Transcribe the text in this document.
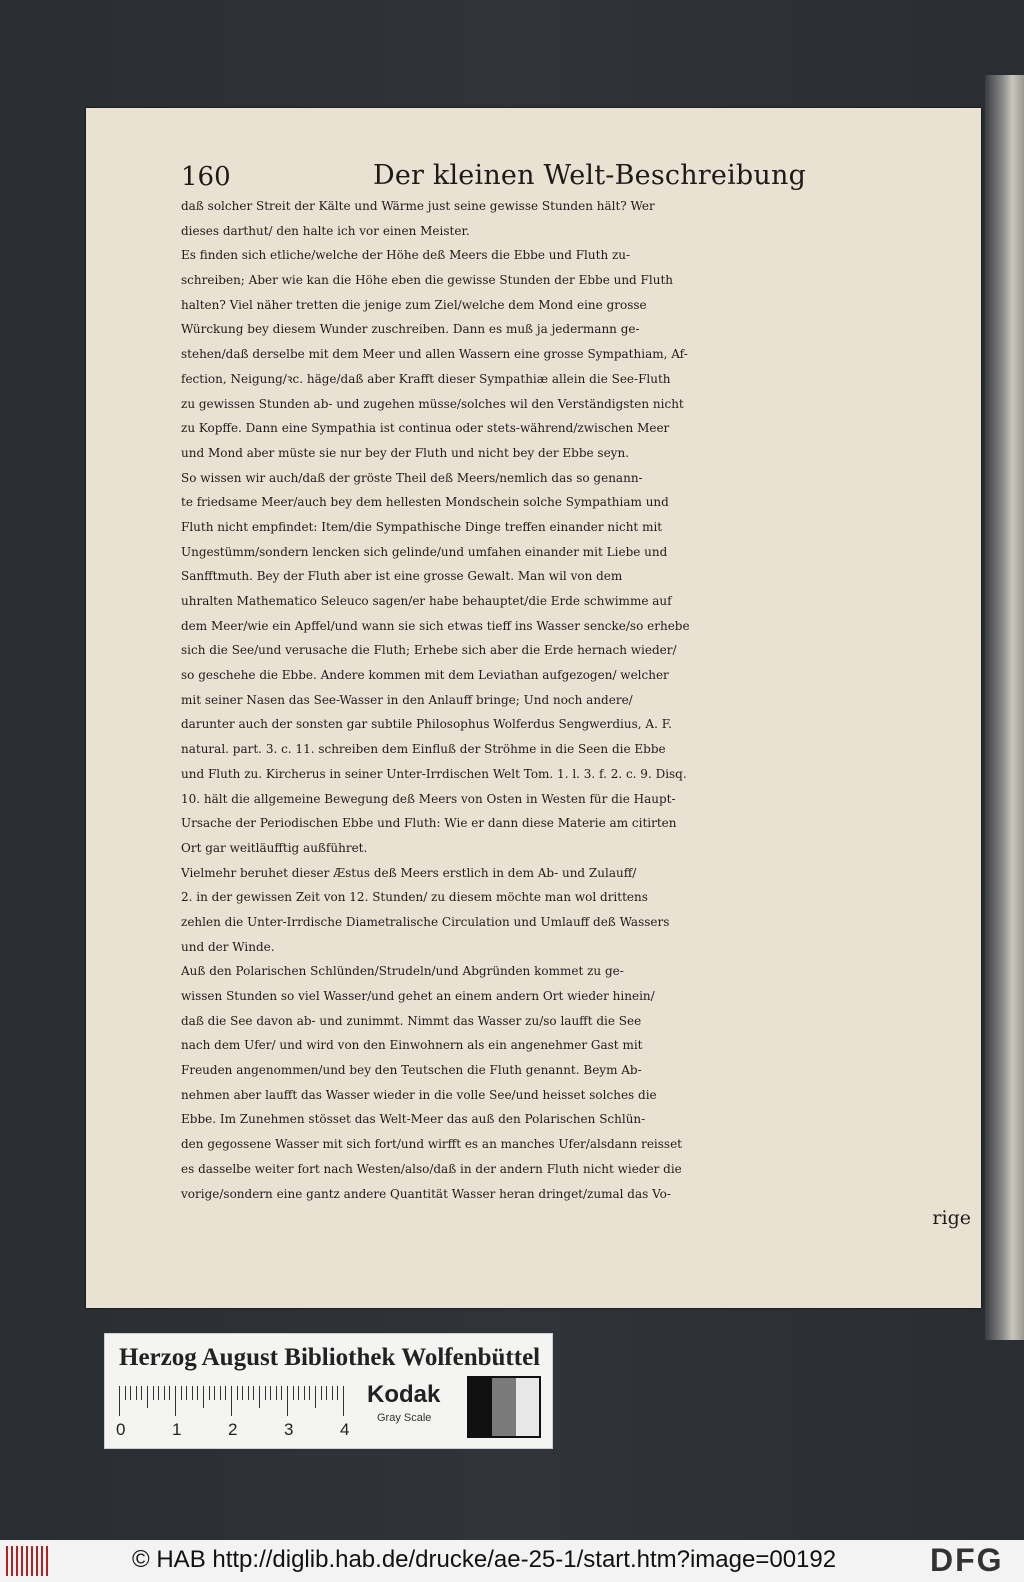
160	Der kleinen Welt-Beschreibung
daß solcher Streit der Kälte und Wärme just seine gewisse Stunden hält? Wer
dieses darthut/ den halte ich vor einen Meister.
Es finden sich etliche/welche der Höhe deß Meers die Ebbe und Fluth zu-
schreiben; Aber wie kan die Höhe eben die gewisse Stunden der Ebbe und Fluth
halten? Viel näher tretten die jenige zum Ziel/welche dem Mond eine grosse
Würckung bey diesem Wunder zuschreiben. Dann es muß ja jedermann ge-
stehen/daß derselbe mit dem Meer und allen Wassern eine grosse Sympathiam, Af-
fection, Neigung/ꝛc. häge/daß aber Krafft dieser Sympathiæ allein die See-Fluth
zu gewissen Stunden ab- und zugehen müsse/solches wil den Verständigsten nicht
zu Kopffe. Dann eine Sympathia ist continua oder stets-während/zwischen Meer
und Mond aber müste sie nur bey der Fluth und nicht bey der Ebbe seyn.
So wissen wir auch/daß der gröste Theil deß Meers/nemlich das so genann-
te friedsame Meer/auch bey dem hellesten Mondschein solche Sympathiam und
Fluth nicht empfindet: Item/die Sympathische Dinge treffen einander nicht mit
Ungestümm/sondern lencken sich gelinde/und umfahen einander mit Liebe und
Sanfftmuth. Bey der Fluth aber ist eine grosse Gewalt. Man wil von dem
uhralten Mathematico Seleuco sagen/er habe behauptet/die Erde schwimme auf
dem Meer/wie ein Apffel/und wann sie sich etwas tieff ins Wasser sencke/so erhebe
sich die See/und verusache die Fluth; Erhebe sich aber die Erde hernach wieder/
so geschehe die Ebbe. Andere kommen mit dem Leviathan aufgezogen/ welcher
mit seiner Nasen das See-Wasser in den Anlauff bringe; Und noch andere/
darunter auch der sonsten gar subtile Philosophus Wolferdus Sengwerdius, A. F.
natural. part. 3. c. 11. schreiben dem Einfluß der Ströhme in die Seen die Ebbe
und Fluth zu. Kircherus in seiner Unter-Irrdischen Welt Tom. 1. l. 3. f. 2. c. 9. Disq.
10. hält die allgemeine Bewegung deß Meers von Osten in Westen für die Haupt-
Ursache der Periodischen Ebbe und Fluth: Wie er dann diese Materie am citirten
Ort gar weitläufftig außführet.
Vielmehr beruhet dieser Æstus deß Meers erstlich in dem Ab- und Zulauff/
2. in der gewissen Zeit von 12. Stunden/ zu diesem möchte man wol drittens
zehlen die Unter-Irrdische Diametralische Circulation und Umlauff deß Wassers
und der Winde.
Auß den Polarischen Schlünden/Strudeln/und Abgründen kommet zu ge-
wissen Stunden so viel Wasser/und gehet an einem andern Ort wieder hinein/
daß die See davon ab- und zunimmt. Nimmt das Wasser zu/so laufft die See
nach dem Ufer/ und wird von den Einwohnern als ein angenehmer Gast mit
Freuden angenommen/und bey den Teutschen die Fluth genannt. Beym Ab-
nehmen aber laufft das Wasser wieder in die volle See/und heisset solches die
Ebbe. Im Zunehmen stösset das Welt-Meer das auß den Polarischen Schlün-
den gegossene Wasser mit sich fort/und wirfft es an manches Ufer/alsdann reisset
es dasselbe weiter fort nach Westen/also/daß in der andern Fluth nicht wieder die
vorige/sondern eine gantz andere Quantität Wasser heran dringet/zumal das Vo-
rige
Herzog August Bibliothek Wolfenbüttel
0	1	2	3	4
Kodak
Gray Scale
© HAB http://diglib.hab.de/drucke/ae-25-1/start.htm?image=00192	DFG
